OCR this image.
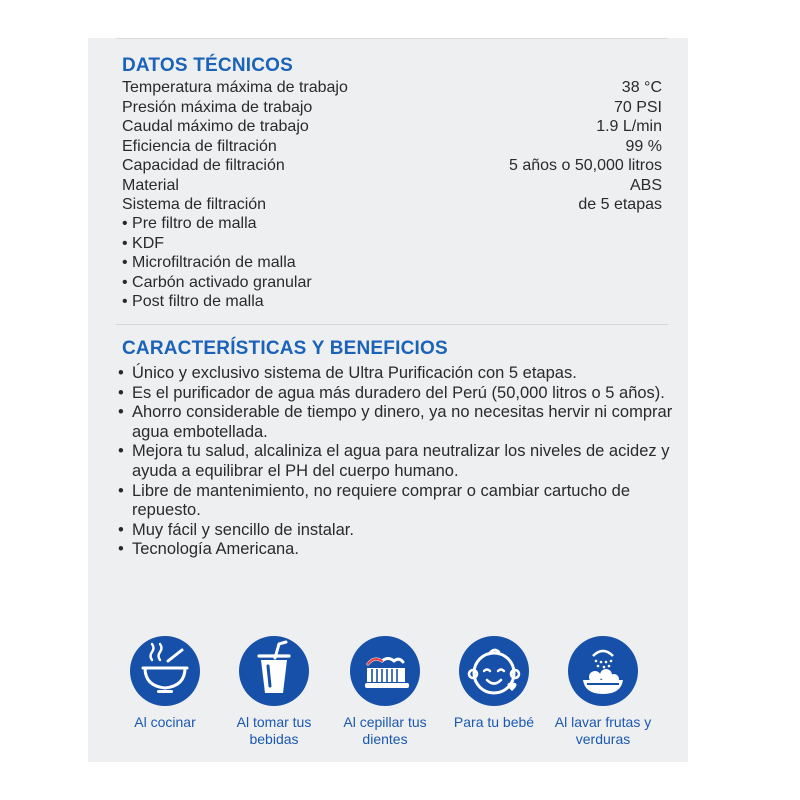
DATOS TÉCNICOS
Temperatura máxima de trabajo	38 °C
Presión máxima de trabajo	70 PSI
Caudal máximo de trabajo	1.9 L/min
Eficiencia de filtración	99 %
Capacidad de filtración	5 años o 50,000 litros
Material	ABS
Sistema de filtración	de 5 etapas
• Pre filtro de malla
• KDF
• Microfiltración de malla
• Carbón activado granular
• Post filtro de malla
CARACTERÍSTICAS Y BENEFICIOS
• Único y exclusivo sistema de Ultra Purificación con 5 etapas.
• Es el purificador de agua más duradero del Perú (50,000 litros o 5 años).
• Ahorro considerable de tiempo y dinero, ya no necesitas hervir ni comprar agua embotellada.
• Mejora tu salud, alcaliniza el agua para neutralizar los niveles de acidez y ayuda a equilibrar el PH del cuerpo humano.
• Libre de mantenimiento, no requiere comprar o cambiar cartucho de repuesto.
• Muy fácil y sencillo de instalar.
• Tecnología Americana.
Al cocinar	Al tomar tus bebidas
Al cepillar tus dientes
Para tu bebé	Al lavar frutas y verduras
